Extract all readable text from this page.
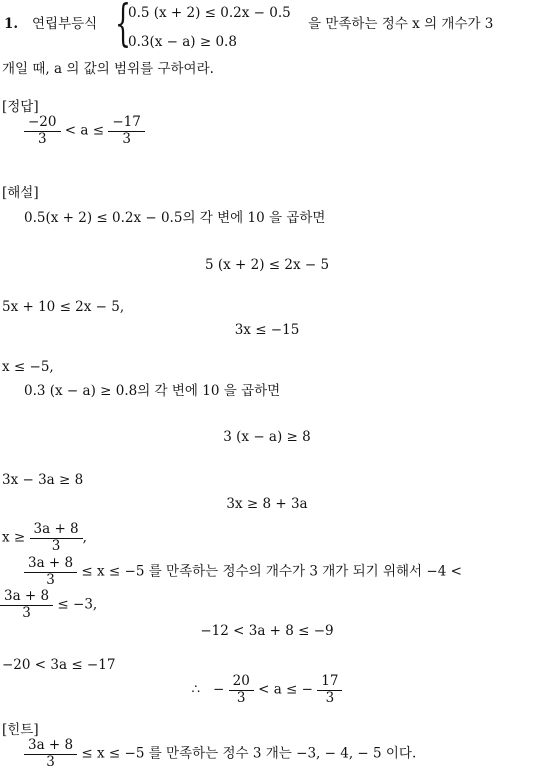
1. 연립부등식 {
0.5 (x + 2) ≤ 0.2x − 0.5
0.3(x − a) ≥ 0.8
을 만족하는 정수 x 의 개수가 3
개일 때, a 의 값의 범위를 구하여라.
[정답]
$\frac{-20}{3} < a \le \frac{-17}{3}$
[해설]
0.5(x + 2) ≤ 0.2x − 0.5의 각 변에 10 을 곱하면
5 (x + 2) ≤ 2x − 5
5x + 10 ≤ 2x − 5,
3x ≤ −15
x ≤ −5,
0.3 (x − a) ≥ 0.8의 각 변에 10 을 곱하면
3 (x − a) ≥ 8
3x − 3a ≥ 8
3x ≥ 8 + 3a
$x \ge \frac{3a + 8}{3}$ ,
$\frac{3a + 8}{3} \le x \le -5$ 를 만족하는 정수의 개수가 3 개가 되기 위해서 −4 <
$\frac{3a + 8}{3} \le -3$,
−12 < 3a + 8 ≤ −9
−20 < 3a ≤ −17
∴ − $\frac{20}{3} < a$ ≤ − $\frac{17}{3}$
[힌트]
$\frac{3a + 8}{3} \le x \le -5$ 를 만족하는 정수 3 개는 −3, − 4, − 5 이다.
